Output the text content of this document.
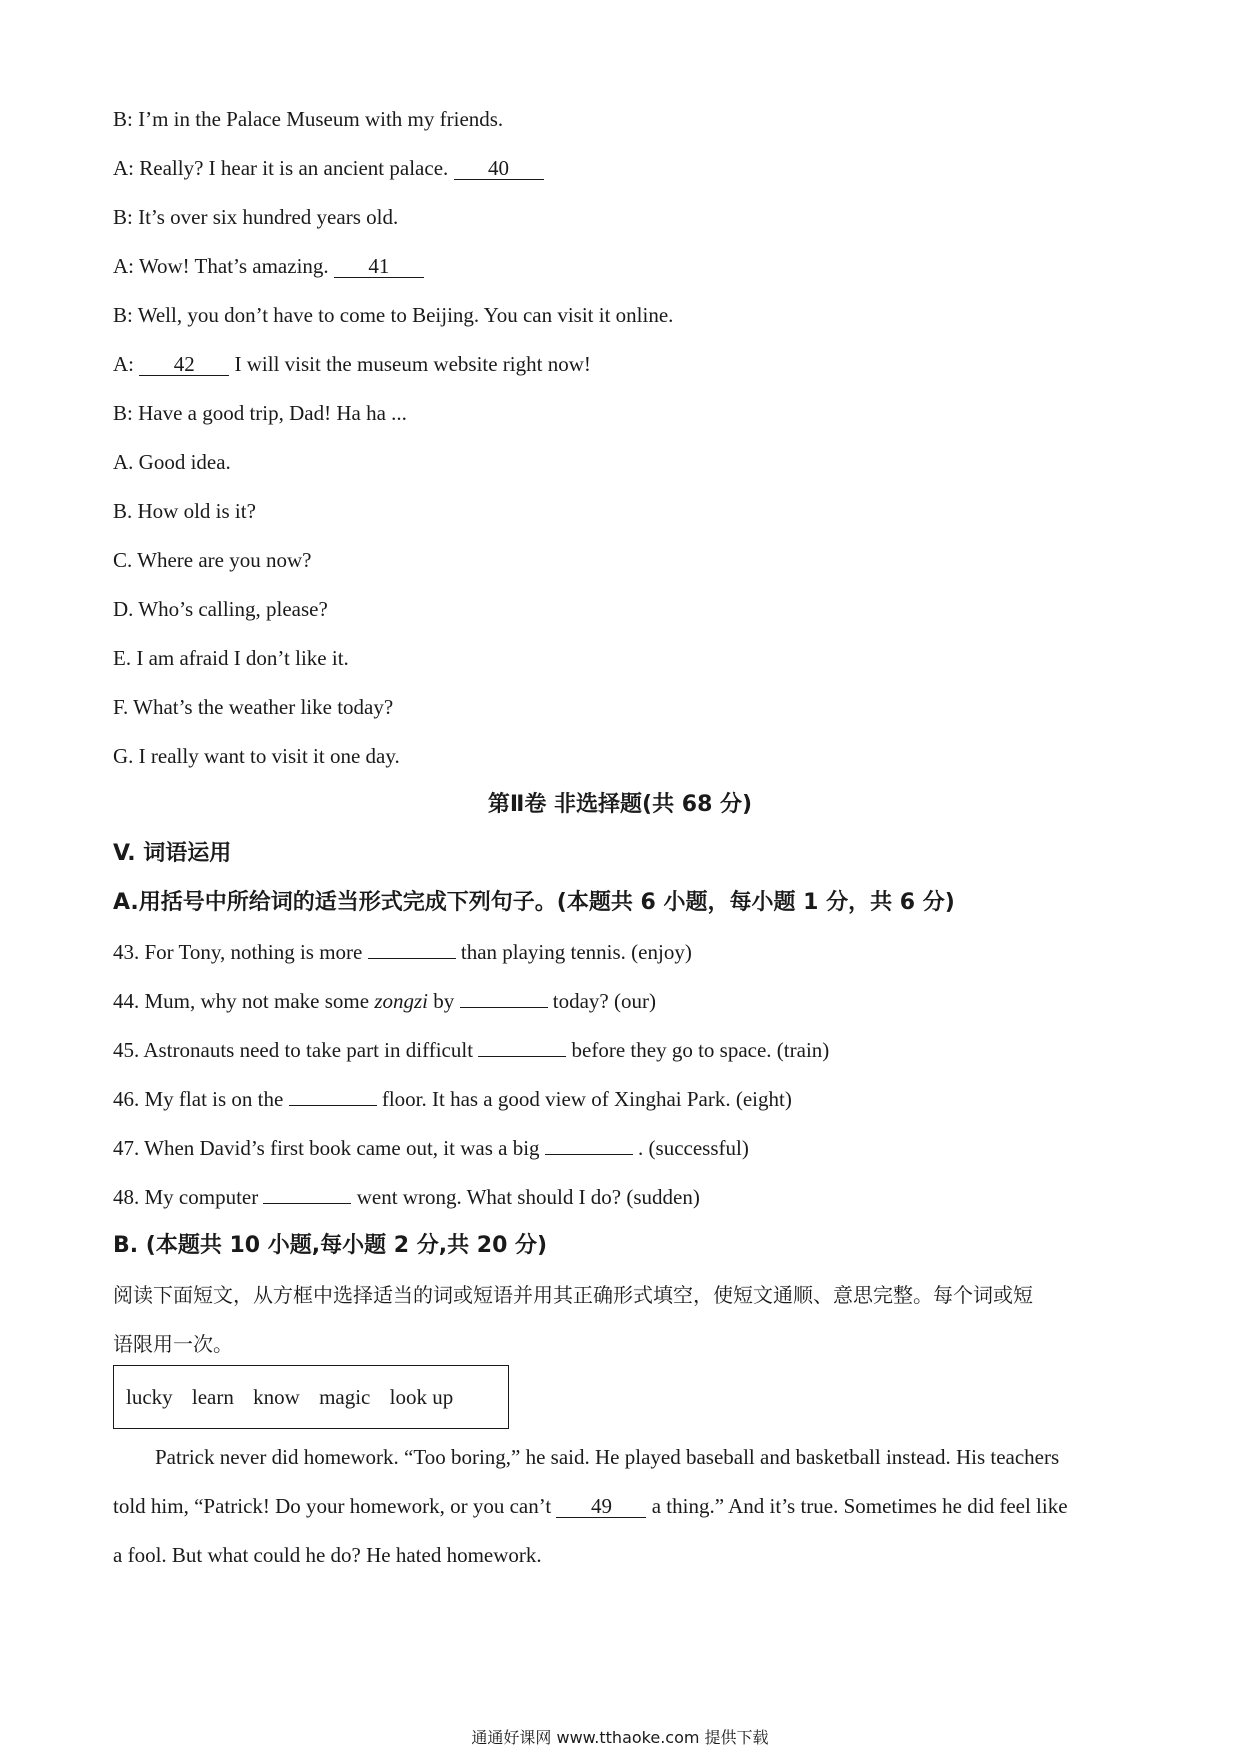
B: I’m in the Palace Museum with my friends.
A: Really? I hear it is an ancient palace. 40
B: It’s over six hundred years old.
A: Wow! That’s amazing. 41
B: Well, you don’t have to come to Beijing. You can visit it online.
A: 42 I will visit the museum website right now!
B: Have a good trip, Dad! Ha ha ...
A. Good idea.
B. How old is it?
C. Where are you now?
D. Who’s calling, please?
E. I am afraid I don’t like it.
F. What’s the weather like today?
G. I really want to visit it one day.
第Ⅱ卷 非选择题(共 68 分)
V. 词语运用
A.用括号中所给词的适当形式完成下列句子。(本题共 6 小题，每小题 1 分，共 6 分)
43. For Tony, nothing is more	than playing tennis. (enjoy)
44. Mum, why not make some zongzi by	today? (our)
45. Astronauts need to take part in difficult	before they go to space. (train)
46. My flat is on the	floor. It has a good view of Xinghai Park. (eight)
47. When David’s first book came out, it was a big	. (successful)
48. My computer	went wrong. What should I do? (sudden)
B. (本题共 10 小题,每小题 2 分,共 20 分)
阅读下面短文，从方框中选择适当的词或短语并用其正确形式填空，使短文通顺、意思完整。每个词或短
语限用一次。
lucky learn know magic look up
Patrick never did homework. “Too boring,” he said. He played baseball and basketball instead. His teachers
told him, “Patrick! Do your homework, or you can’t 49 a thing.” And it’s true. Sometimes he did feel like
a fool. But what could he do? He hated homework.
通通好课网 www.tthaoke.com 提供下载
